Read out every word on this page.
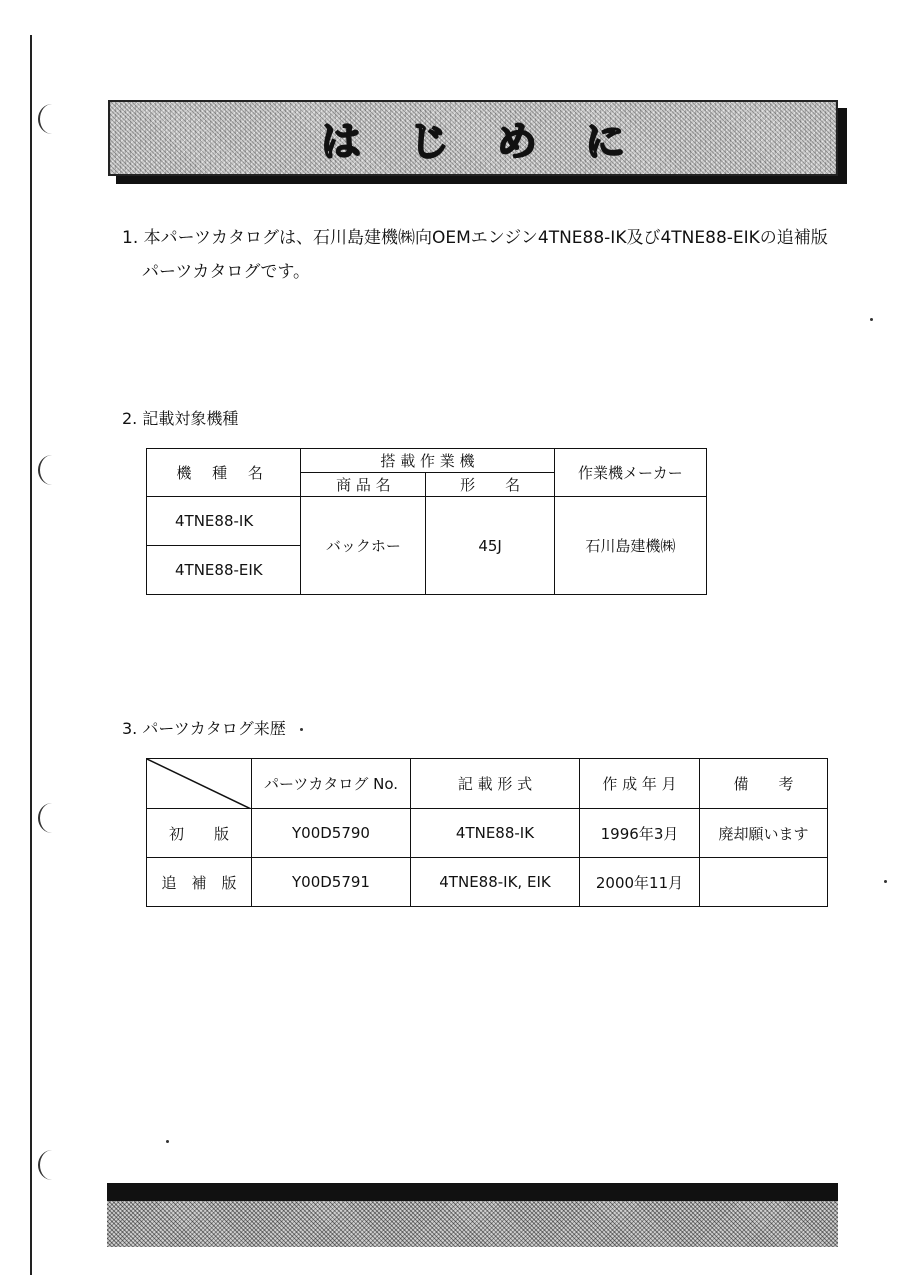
はじめに
1. 本パーツカタログは、石川島建機㈱向OEMエンジン4TNE88-IK及び4TNE88-EIKの追補版
パーツカタログです。
2. 記載対象機種
機 種 名	搭 載 作 業 機		作業機メーカー
	商 品 名	形　　名	
4TNE88-IK	バックホー	45J	石川島建機㈱
4TNE88-EIK			
3. パーツカタログ来歴
	パーツカタログ No.	記 載 形 式	作 成 年 月	備　　考
初　　版	Y00D5790	4TNE88-IK	1996年3月	廃却願います
追　補　版	Y00D5791	4TNE88-IK, EIK	2000年11月	
